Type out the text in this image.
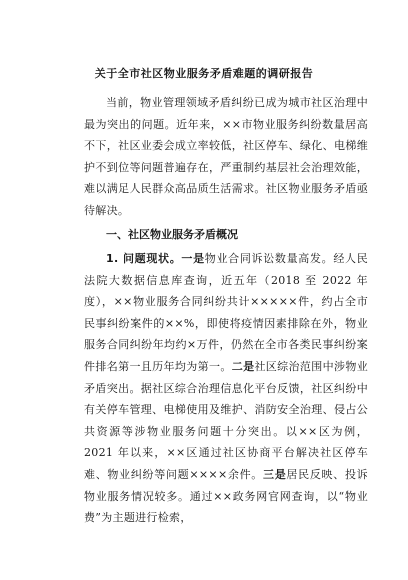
关于全市社区物业服务矛盾难题的调研报告
当前，物业管理领域矛盾纠纷已成为城市社区治理中最为突出的问题。近年来，××市物业服务纠纷数量居高不下，社区业委会成立率较低，社区停车、绿化、电梯维护不到位等问题普遍存在，严重制约基层社会治理效能，难以满足人民群众高品质生活需求。社区物业服务矛盾亟待解决。
一、社区物业服务矛盾概况
1. 问题现状。一是物业合同诉讼数量高发。经人民法院大数据信息库查询，近五年（2018 至 2022 年度），××物业服务合同纠纷共计×××××件，约占全市民事纠纷案件的××%，即使将疫情因素排除在外，物业服务合同纠纷年均约×万件，仍然在全市各类民事纠纷案件排名第一且历年均为第一。二是社区综治范围中涉物业矛盾突出。据社区综合治理信息化平台反馈，社区纠纷中有关停车管理、电梯使用及维护、消防安全治理、侵占公共资源等涉物业服务问题十分突出。以××区为例，2021 年以来，××区通过社区协商平台解决社区停车难、物业纠纷等问题××××余件。三是居民反映、投诉物业服务情况较多。通过××政务网官网查询，以“物业费”为主题进行检索，
